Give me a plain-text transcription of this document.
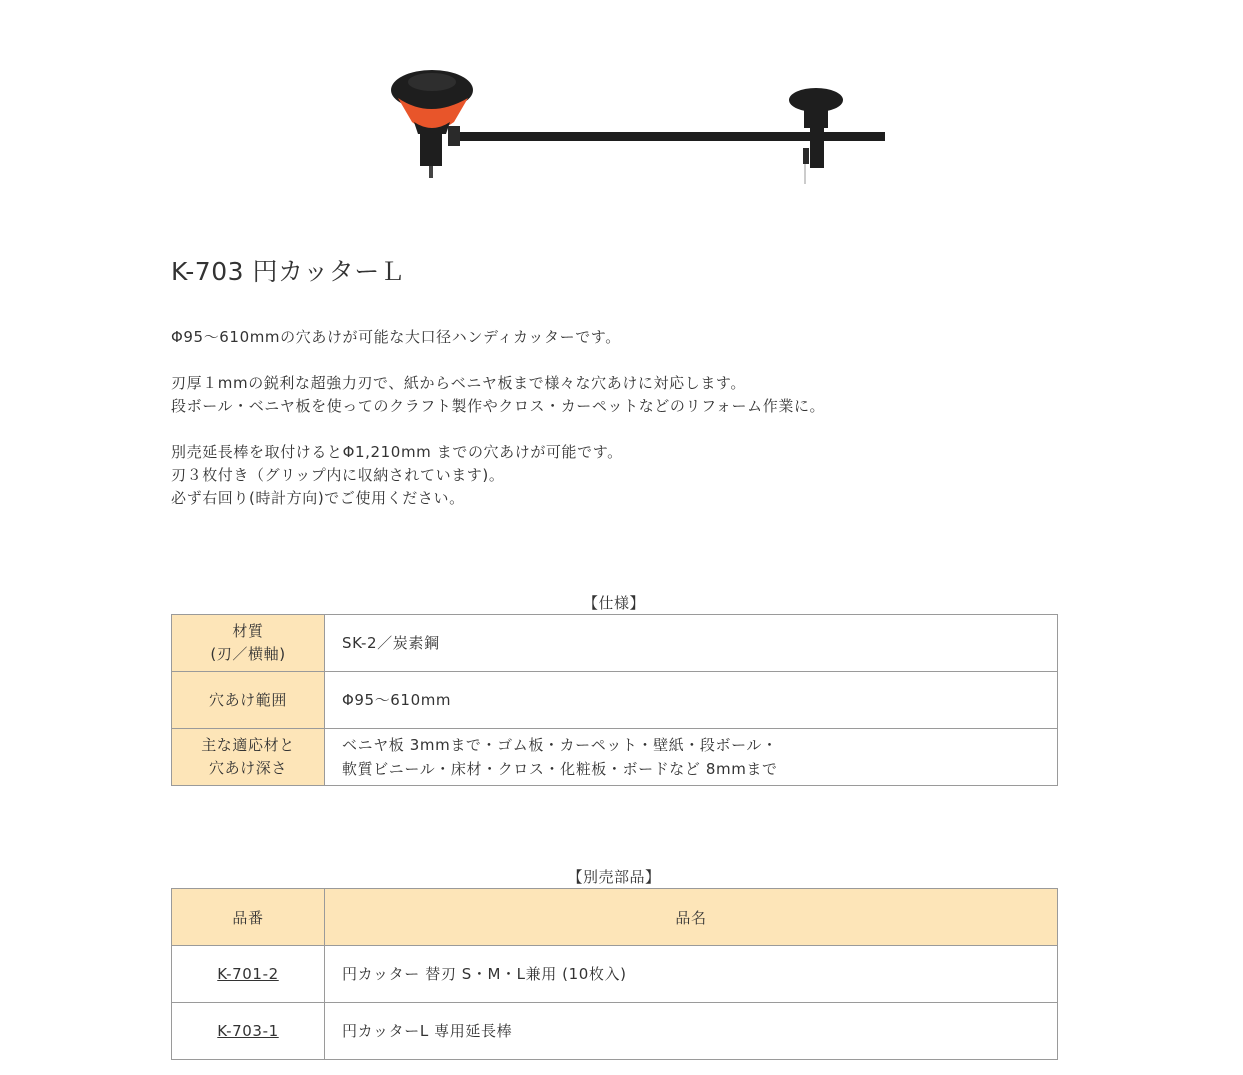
K-703 円カッターＬ

Φ95～610mmの穴あけが可能な大口径ハンディカッターです。

刃厚１mmの鋭利な超強力刃で、紙からベニヤ板まで様々な穴あけに対応します。
段ボール・ベニヤ板を使ってのクラフト製作やクロス・カーペットなどのリフォーム作業に。

別売延長棒を取付けるとΦ1,210mm までの穴あけが可能です。
刃３枚付き（グリップ内に収納されています)。
必ず右回り(時計方向)でご使用ください。

【仕様】
材質
(刃／横軸)	SK-2／炭素鋼

穴あけ範囲	Φ95～610mm

主な適応材と
穴あけ深さ	ベニヤ板 3mmまで・ゴム板・カーペット・壁紙・段ボール・
軟質ビニール・床材・クロス・化粧板・ボードなど 8mmまで
【別売部品】
品番	品名
K-701-2	円カッター 替刃 S・M・L兼用 (10枚入)
K-703-1	円カッターL 専用延長棒
